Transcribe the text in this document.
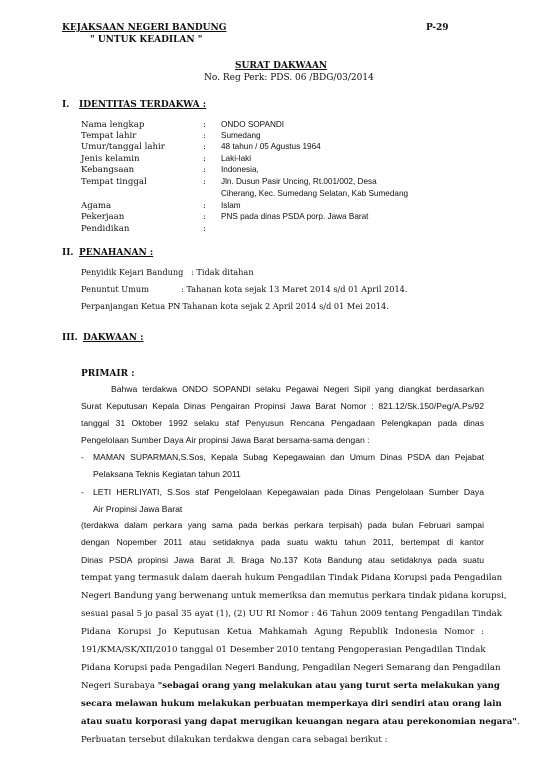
KEJAKSAAN NEGERI BANDUNG
" UNTUK KEADILAN "
P-29
SURAT DAKWAAN
No. Reg Perk: PDS. 06 /BDG/03/2014
I. IDENTITAS TERDAKWA :
Nama lengkap	: ONDO SOPANDI
Tempat lahir	: Sumedang
Umur/tanggal lahir	: 48 tahun / 05 Agustus 1964
Jenis kelamin	: Laki-laki
Kebangsaan	: Indonesia,
Tempat tinggal	: Jln. Dusun Pasir Uncing, Rt.001/002, Desa
Ciherang, Kec. Sumedang Selatan, Kab Sumedang
Agama	: Islam
Pekerjaan	: PNS pada dinas PSDA porp. Jawa Barat
Pendidikan	:
II. PENAHANAN :
Penyidik Kejari Bandung : Tidak ditahan
Penuntut Umum	: Tahanan kota sejak 13 Maret 2014 s/d 01 April 2014.
Perpanjangan Ketua PN
: Tahanan kota sejak 2 April 2014 s/d 01 Mei 2014.
III. DAKWAAN :
PRIMAIR :
Bahwa terdakwa ONDO SOPANDI selaku Pegawai Negeri Sipil yang diangkat berdasarkan
Surat Keputusan Kepala Dinas Pengairan Propinsi Jawa Barat Nomor : 821.12/Sk.150/Peg/A.Ps/92
tanggal 31 Oktober 1992 selaku staf Penyusun Rencana Pengadaan Pelengkapan pada dinas
Pengelolaan Sumber Daya Air propinsi Jawa Barat bersama-sama dengan :
- MAMAN SUPARMAN,S.Sos, Kepala Subag Kepegawaian dan Umum Dinas PSDA dan Pejabat
Pelaksana Teknis Kegiatan tahun 2011
- LETI HERLIYATI, S.Sos staf Pengelolaan Kepegawaian pada Dinas Pengelolaan Sumber Daya
Air Propinsi Jawa Barat
(terdakwa dalam perkara yang sama pada berkas perkara terpisah) pada bulan Februari sampai
dengan Nopember 2011 atau setidaknya pada suatu waktu tahun 2011, bertempat di kantor
Dinas PSDA propinsi Jawa Barat Jl. Braga No.137 Kota Bandung atau setidaknya pada suatu
tempat yang termasuk dalam daerah hukum Pengadilan Tindak Pidana Korupsi pada Pengadilan
Negeri Bandung yang berwenang untuk memeriksa dan memutus perkara tindak pidana korupsi,
sesuai pasal 5 jo pasal 35 ayat (1), (2) UU RI Nomor : 46 Tahun 2009 tentang Pengadilan Tindak
Pidana Korupsi Jo Keputusan Ketua Mahkamah Agung Republik Indonesia Nomor :
191/KMA/SK/XII/2010 tanggal 01 Desember 2010 tentang Pengoperasian Pengadilan Tindak
Pidana Korupsi pada Pengadilan Negeri Bandung, Pengadilan Negeri Semarang dan Pengadilan
Negeri Surabaya "sebagai orang yang melakukan atau yang turut serta melakukan yang
secara melawan hukum melakukan perbuatan memperkaya diri sendiri atau orang lain
atau suatu korporasi yang dapat merugikan keuangan negara atau perekonomian negara".
Perbuatan tersebut dilakukan terdakwa dengan cara sebagai berikut :
